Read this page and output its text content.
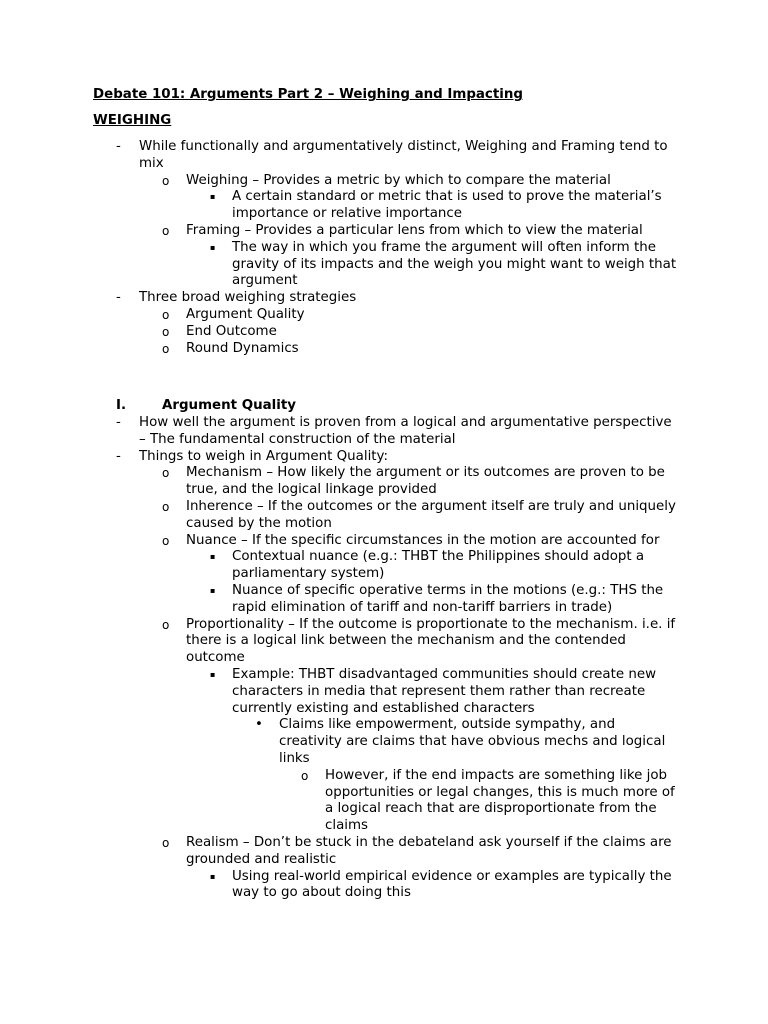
Debate 101: Arguments Part 2 – Weighing and Impacting

WEIGHING

- While functionally and argumentatively distinct, Weighing and Framing tend to mix
o Weighing – Provides a metric by which to compare the material
▪ A certain standard or metric that is used to prove the material’s importance or relative importance
o Framing – Provides a particular lens from which to view the material
▪ The way in which you frame the argument will often inform the gravity of its impacts and the weigh you might want to weigh that argument
- Three broad weighing strategies
o Argument Quality
o End Outcome
o Round Dynamics

I.	Argument Quality

- How well the argument is proven from a logical and argumentative perspective – The fundamental construction of the material
- Things to weigh in Argument Quality:
o Mechanism – How likely the argument or its outcomes are proven to be true, and the logical linkage provided
o Inherence – If the outcomes or the argument itself are truly and uniquely caused by the motion
o Nuance – If the specific circumstances in the motion are accounted for
▪ Contextual nuance (e.g.: THBT the Philippines should adopt a parliamentary system)
▪ Nuance of specific operative terms in the motions (e.g.: THS the rapid elimination of tariff and non-tariff barriers in trade)
o Proportionality – If the outcome is proportionate to the mechanism. i.e. if there is a logical link between the mechanism and the contended outcome
▪ Example: THBT disadvantaged communities should create new characters in media that represent them rather than recreate currently existing and established characters
• Claims like empowerment, outside sympathy, and creativity are claims that have obvious mechs and logical links
o However, if the end impacts are something like job opportunities or legal changes, this is much more of a logical reach that are disproportionate from the claims
o Realism – Don’t be stuck in the debateland ask yourself if the claims are grounded and realistic
▪ Using real-world empirical evidence or examples are typically the way to go about doing this
